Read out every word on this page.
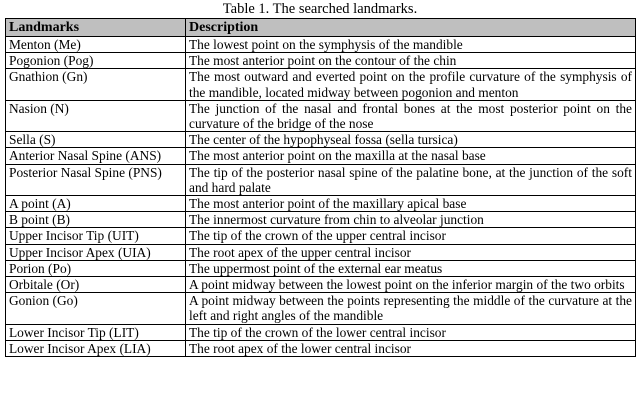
Table 1. The searched landmarks.
Landmarks	Description
Menton (Me)	The lowest point on the symphysis of the mandible
Pogonion (Pog)	The most anterior point on the contour of the chin
Gnathion (Gn)	The most outward and everted point on the profile curvature of the symphysis of the mandible, located midway between pogonion and menton
Nasion (N)	The junction of the nasal and frontal bones at the most posterior point on the curvature of the bridge of the nose
Sella (S)	The center of the hypophyseal fossa (sella tursica)
Anterior Nasal Spine (ANS)	The most anterior point on the maxilla at the nasal base
Posterior Nasal Spine (PNS)	The tip of the posterior nasal spine of the palatine bone, at the junction of the soft and hard palate
A point (A)	The most anterior point of the maxillary apical base
B point (B)	The innermost curvature from chin to alveolar junction
Upper Incisor Tip (UIT)	The tip of the crown of the upper central incisor
Upper Incisor Apex (UIA)	The root apex of the upper central incisor
Porion (Po)	The uppermost point of the external ear meatus
Orbitale (Or)	A point midway between the lowest point on the inferior margin of the two orbits
Gonion (Go)	A point midway between the points representing the middle of the curvature at the left and right angles of the mandible
Lower Incisor Tip (LIT)	The tip of the crown of the lower central incisor
Lower Incisor Apex (LIA)	The root apex of the lower central incisor
